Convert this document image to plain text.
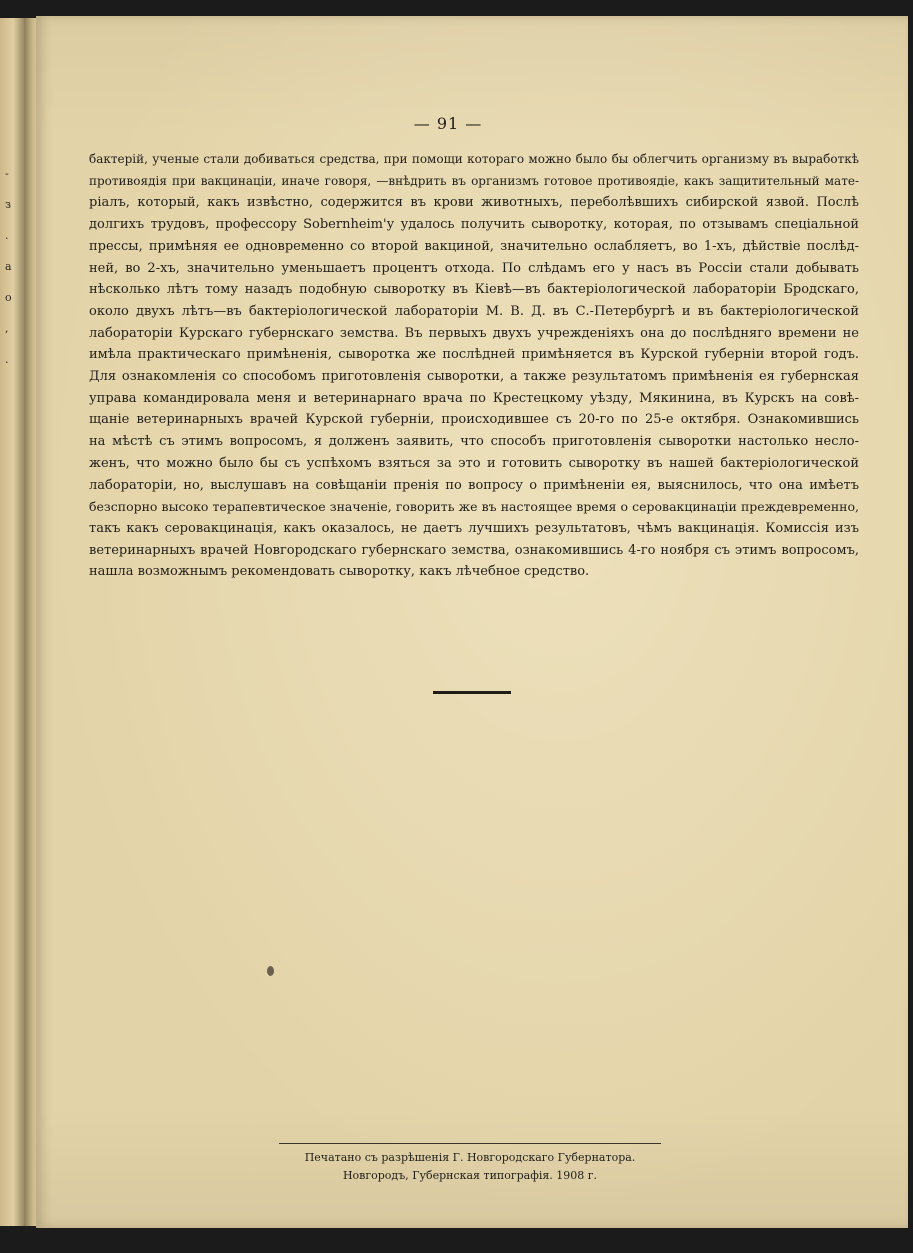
-
з
.
а
о
,
.
— 91 —
бактерій, ученые стали добиваться средства, при помощи котораго можно было бы облегчить организму въ выработкѣ
противоядія при вакцинаціи, иначе говоря, —внѣдрить въ организмъ готовое противоядіе, какъ защитительный мате-
ріалъ, который, какъ извѣстно, содержится въ крови животныхъ, переболѣвшихъ сибирской язвой. Послѣ
долгихъ трудовъ, профессору Sobernheim'у удалось получить сыворотку, которая, по отзывамъ спеціальной
прессы, примѣняя ее одновременно со второй вакциной, значительно ослабляетъ, во 1-хъ, дѣйствіе послѣд-
ней, во 2-хъ, значительно уменьшаетъ процентъ отхода. По слѣдамъ его у насъ въ Россіи стали добывать
нѣсколько лѣтъ тому назадъ подобную сыворотку въ Кіевѣ—въ бактеріологической лабораторіи Бродскаго,
около двухъ лѣтъ—въ бактеріологической лабораторіи М. В. Д. въ С.-Петербургѣ и въ бактеріологической
лабораторіи Курскаго губернскаго земства. Въ первыхъ двухъ учрежденіяхъ она до послѣдняго времени не
имѣла практическаго примѣненія, сыворотка же послѣдней примѣняется въ Курской губерніи второй годъ.
Для ознакомленія со способомъ приготовленія сыворотки, а также результатомъ примѣненія ея губернская
управа командировала меня и ветеринарнаго врача по Крестецкому уѣзду, Мякинина, въ Курскъ на совѣ-
щаніе ветеринарныхъ врачей Курской губерніи, происходившее съ 20-го по 25-е октября. Ознакомившись
на мѣстѣ съ этимъ вопросомъ, я долженъ заявить, что способъ приготовленія сыворотки настолько несло-
женъ, что можно было бы съ успѣхомъ взяться за это и готовить сыворотку въ нашей бактеріологической
лабораторіи, но, выслушавъ на совѣщаніи пренія по вопросу о примѣненіи ея, выяснилось, что она имѣетъ
безспорно высоко терапевтическое значеніе, говорить же въ настоящее время о серовакцинаціи преждевременно,
такъ какъ серовакцинація, какъ оказалось, не даетъ лучшихъ результатовъ, чѣмъ вакцинація. Комиссія изъ
ветеринарныхъ врачей Новгородскаго губернскаго земства, ознакомившись 4-го ноября съ этимъ вопросомъ,
нашла возможнымъ рекомендовать сыворотку, какъ лѣчебное средство.
Печатано съ разрѣшенія Г. Новгородскаго Губернатора.
Новгородъ, Губернская типографія. 1908 г.
